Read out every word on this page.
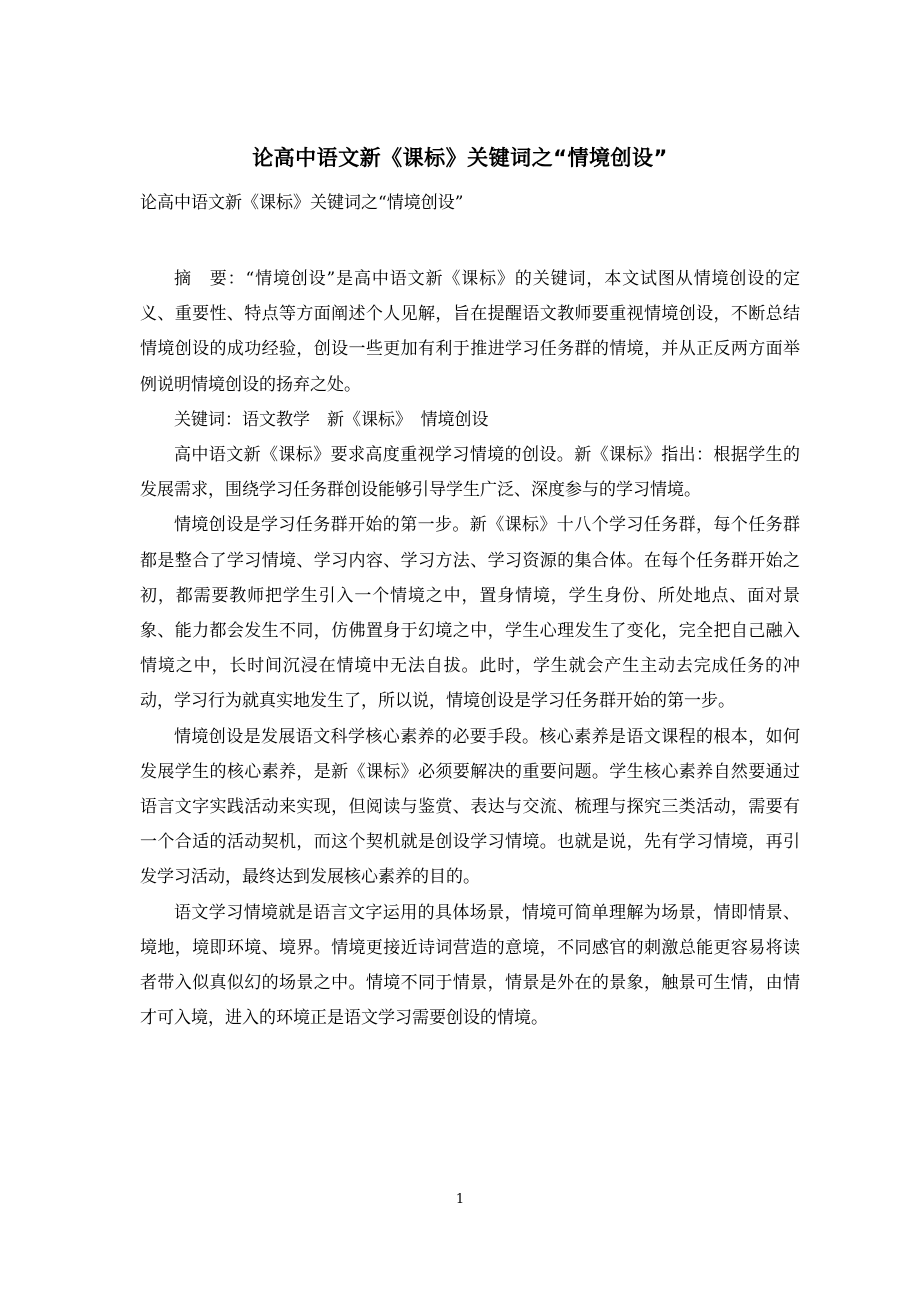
论高中语文新《课标》关键词之“情境创设”
论高中语文新《课标》关键词之“情境创设”

摘　要：“情境创设”是高中语文新《课标》的关键词，本文试图从情境创设的定义、重要性、特点等方面阐述个人见解，旨在提醒语文教师要重视情境创设，不断总结情境创设的成功经验，创设一些更加有利于推进学习任务群的情境，并从正反两方面举例说明情境创设的扬弃之处。

关键词：语文教学　新《课标》　情境创设

高中语文新《课标》要求高度重视学习情境的创设。新《课标》指出：根据学生的发展需求，围绕学习任务群创设能够引导学生广泛、深度参与的学习情境。

情境创设是学习任务群开始的第一步。新《课标》十八个学习任务群，每个任务群都是整合了学习情境、学习内容、学习方法、学习资源的集合体。在每个任务群开始之初，都需要教师把学生引入一个情境之中，置身情境，学生身份、所处地点、面对景象、能力都会发生不同，仿佛置身于幻境之中，学生心理发生了变化，完全把自己融入情境之中，长时间沉浸在情境中无法自拔。此时，学生就会产生主动去完成任务的冲动，学习行为就真实地发生了，所以说，情境创设是学习任务群开始的第一步。

情境创设是发展语文科学核心素养的必要手段。核心素养是语文课程的根本，如何发展学生的核心素养，是新《课标》必须要解决的重要问题。学生核心素养自然要通过语言文字实践活动来实现，但阅读与鉴赏、表达与交流、梳理与探究三类活动，需要有一个合适的活动契机，而这个契机就是创设学习情境。也就是说，先有学习情境，再引发学习活动，最终达到发展核心素养的目的。

语文学习情境就是语言文字运用的具体场景，情境可简单理解为场景，情即情景、境地，境即环境、境界。情境更接近诗词营造的意境，不同感官的刺激总能更容易将读者带入似真似幻的场景之中。情境不同于情景，情景是外在的景象，触景可生情，由情才可入境，进入的环境正是语文学习需要创设的情境。

1
